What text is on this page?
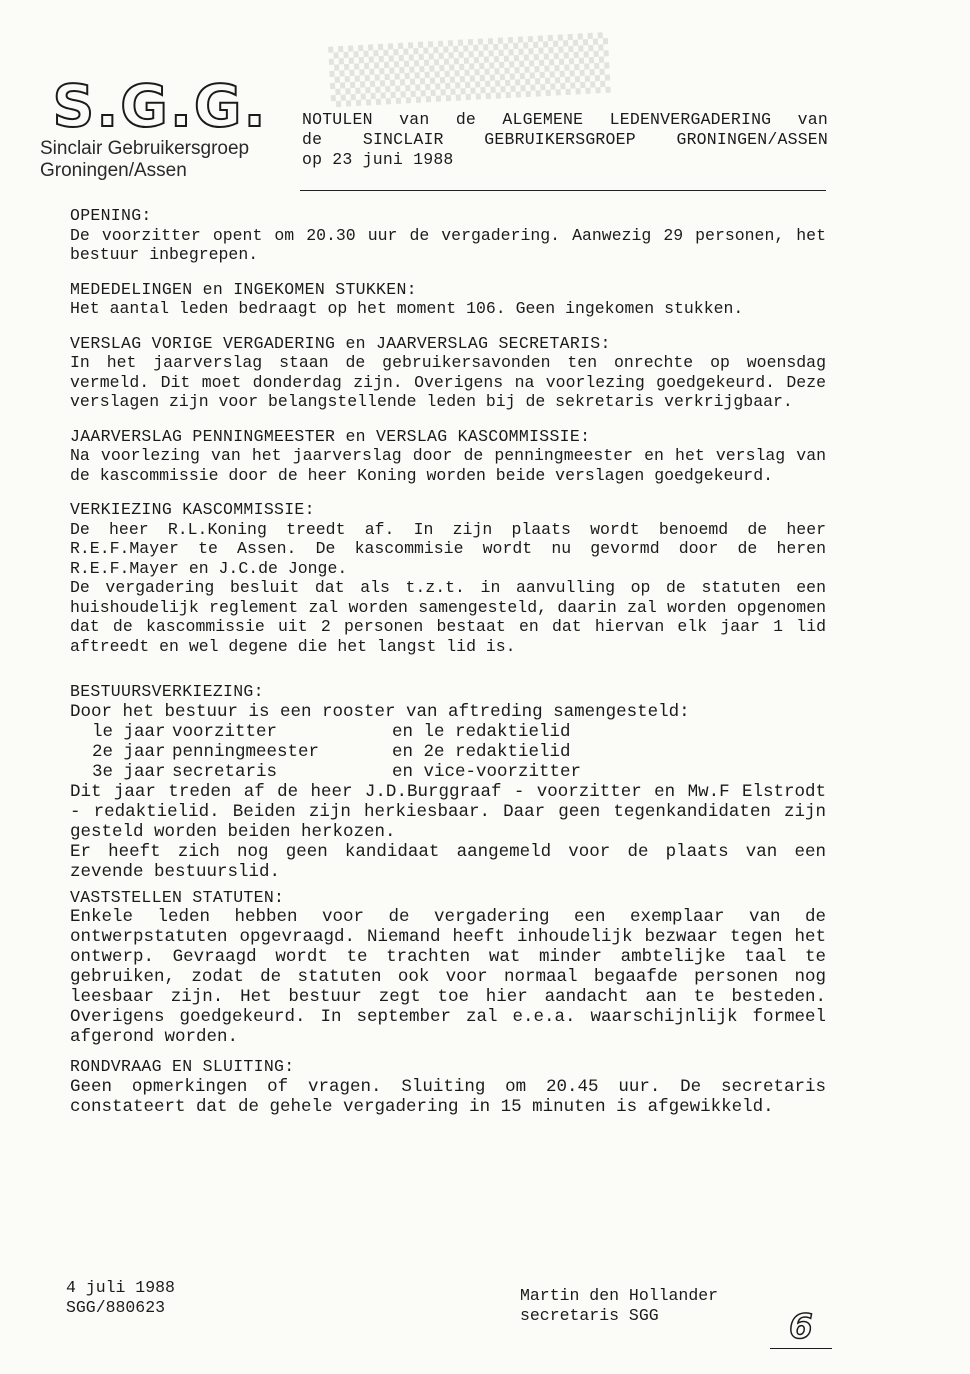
▒▒▒▒▒▒▒
S.G.G.
Sinclair Gebruikersgroep
Groningen/Assen
NOTULEN van de ALGEMENE LEDENVERGADERING van
de SINCLAIR GEBRUIKERSGROEP GRONINGEN/ASSEN
op 23 juni 1988
OPENING:
De voorzitter opent om 20.30 uur de vergadering. Aanwezig 29 personen, het bestuur inbegrepen.
MEDEDELINGEN en INGEKOMEN STUKKEN:
Het aantal leden bedraagt op het moment 106. Geen ingekomen stukken.
VERSLAG VORIGE VERGADERING en JAARVERSLAG SECRETARIS:
In het jaarverslag staan de gebruikersavonden ten onrechte op woensdag vermeld. Dit moet donderdag zijn. Overigens na voorlezing goedgekeurd. Deze verslagen zijn voor belangstellende leden bij de sekretaris verkrijgbaar.
JAARVERSLAG PENNINGMEESTER en VERSLAG KASCOMMISSIE:
Na voorlezing van het jaarverslag door de penningmeester en het verslag van de kascommissie door de heer Koning worden beide verslagen goedgekeurd.
VERKIEZING KASCOMMISSIE:
De heer R.L.Koning treedt af. In zijn plaats wordt benoemd de heer R.E.F.Mayer te Assen. De kascommisie wordt nu gevormd door de heren R.E.F.Mayer en J.C.de Jonge.
De vergadering besluit dat als t.z.t. in aanvulling op de statuten een huishoudelijk reglement zal worden samengesteld, daarin zal worden opgenomen dat de kascommissie uit 2 personen bestaat en dat hiervan elk jaar 1 lid aftreedt en wel degene die het langst lid is.
BESTUURSVERKIEZING:
Door het bestuur is een rooster van aftreding samengesteld:
le jaar voorzitter	en le redaktielid
2e jaar penningmeester	en 2e redaktielid
3e jaar secretaris	en vice-voorzitter
Dit jaar treden af de heer J.D.Burggraaf - voorzitter en Mw.F Elstrodt - redaktielid. Beiden zijn herkiesbaar. Daar geen tegenkandidaten zijn gesteld worden beiden herkozen.
Er heeft zich nog geen kandidaat aangemeld voor de plaats van een zevende bestuurslid.
VASTSTELLEN STATUTEN:
Enkele leden hebben voor de vergadering een exemplaar van de ontwerpstatuten opgevraagd. Niemand heeft inhoudelijk bezwaar tegen het ontwerp. Gevraagd wordt te trachten wat minder ambtelijke taal te gebruiken, zodat de statuten ook voor normaal begaafde personen nog leesbaar zijn. Het bestuur zegt toe hier aandacht aan te besteden. Overigens goedgekeurd. In september zal e.e.a. waarschijnlijk formeel afgerond worden.
RONDVRAAG EN SLUITING:
Geen opmerkingen of vragen. Sluiting om 20.45 uur. De secretaris constateert dat de gehele vergadering in 15 minuten is afgewikkeld.
4 juli 1988
SGG/880623
Martin den Hollander
secretaris SGG	6
